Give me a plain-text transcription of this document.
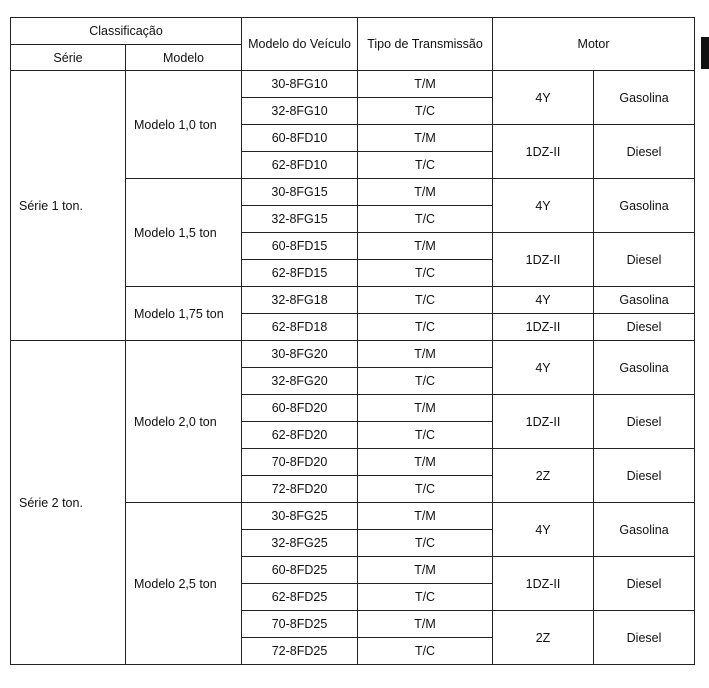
Classificação		Modelo do Veículo	Tipo de Transmissão	Motor	
Série	Modelo				
Série 1 ton.	Modelo 1,0 ton	30-8FG10	T/M	4Y	Gasolina
		32-8FG10	T/C		
		60-8FD10	T/M	1DZ-II	Diesel
		62-8FD10	T/C		
	Modelo 1,5 ton	30-8FG15	T/M	4Y	Gasolina
		32-8FG15	T/C		
		60-8FD15	T/M	1DZ-II	Diesel
		62-8FD15	T/C		
	Modelo 1,75 ton	32-8FG18	T/C	4Y	Gasolina
		62-8FD18	T/C	1DZ-II	Diesel
Série 2 ton.	Modelo 2,0 ton	30-8FG20	T/M	4Y	Gasolina
		32-8FG20	T/C		
		60-8FD20	T/M	1DZ-II	Diesel
		62-8FD20	T/C		
		70-8FD20	T/M	2Z	Diesel
		72-8FD20	T/C		
	Modelo 2,5 ton	30-8FG25	T/M	4Y	Gasolina
		32-8FG25	T/C		
		60-8FD25	T/M	1DZ-II	Diesel
		62-8FD25	T/C		
		70-8FD25	T/M	2Z	Diesel
		72-8FD25	T/C		
